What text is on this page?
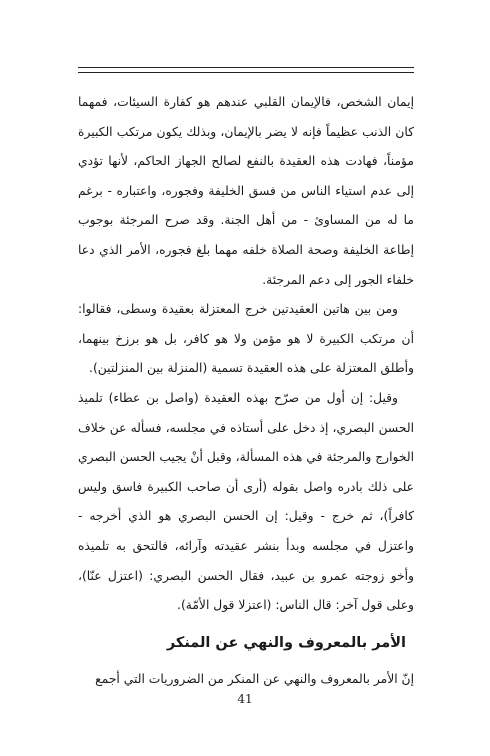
إيمان الشخص، فالإيمان القلبي عندهم هو كفارة السيئات، فمهما كان الذنب عظيماً فإنه لا يضر بالإيمان، وبذلك يكون مرتكب الكبيرة مؤمناً، فهادت هذه العقيدة بالنفع لصالح الجهاز الحاكم، لأنها تؤدي إلى عدم استياء الناس من فسق الخليفة وفجوره، واعتباره - برغم ما له من المساوئ - من أهل الجنة. وقد صرح المرجئة بوجوب إطاعة الخليفة وصحة الصلاة خلفه مهما بلغ فجوره، الأمر الذي دعا خلفاء الجور إلى دعم المرجئة.

ومن بين هاتين العقيدتين خرج المعتزلة بعقيدة وسطى، فقالوا: أن مرتكب الكبيرة لا هو مؤمن ولا هو كافر، بل هو برزخ بينهما، وأطلق المعتزلة على هذه العقيدة تسمية (المنزلة بين المنزلتين).

وقيل: إن أول من صرّح بهذه العقيدة (واصل بن عطاء) تلميذ الحسن البصري، إذ دخل على أستاذه في مجلسه، فسأله عن خلاف الخوارج والمرجئة في هذه المسألة، وقبل أنْ يجيب الحسن البصري على ذلك بادره واصل بقوله (أرى أن صاحب الكبيرة فاسق وليس كافراً)، ثم خرج - وقيل: إن الحسن البصري هو الذي أخرجه - واعتزل في مجلسه وبدأ بنشر عقيدته وآرائه، فالتحق به تلميذه وأخو زوجته عمرو بن عبيد، فقال الحسن البصري: (اعتزل عنّا)، وعلى قول آخر: قال الناس: (اعتزلا قول الأمّة).

الأمر بالمعروف والنهي عن المنكر

إنّ الأمر بالمعروف والنهي عن المنكر من الضروريات التي أجمع

41
